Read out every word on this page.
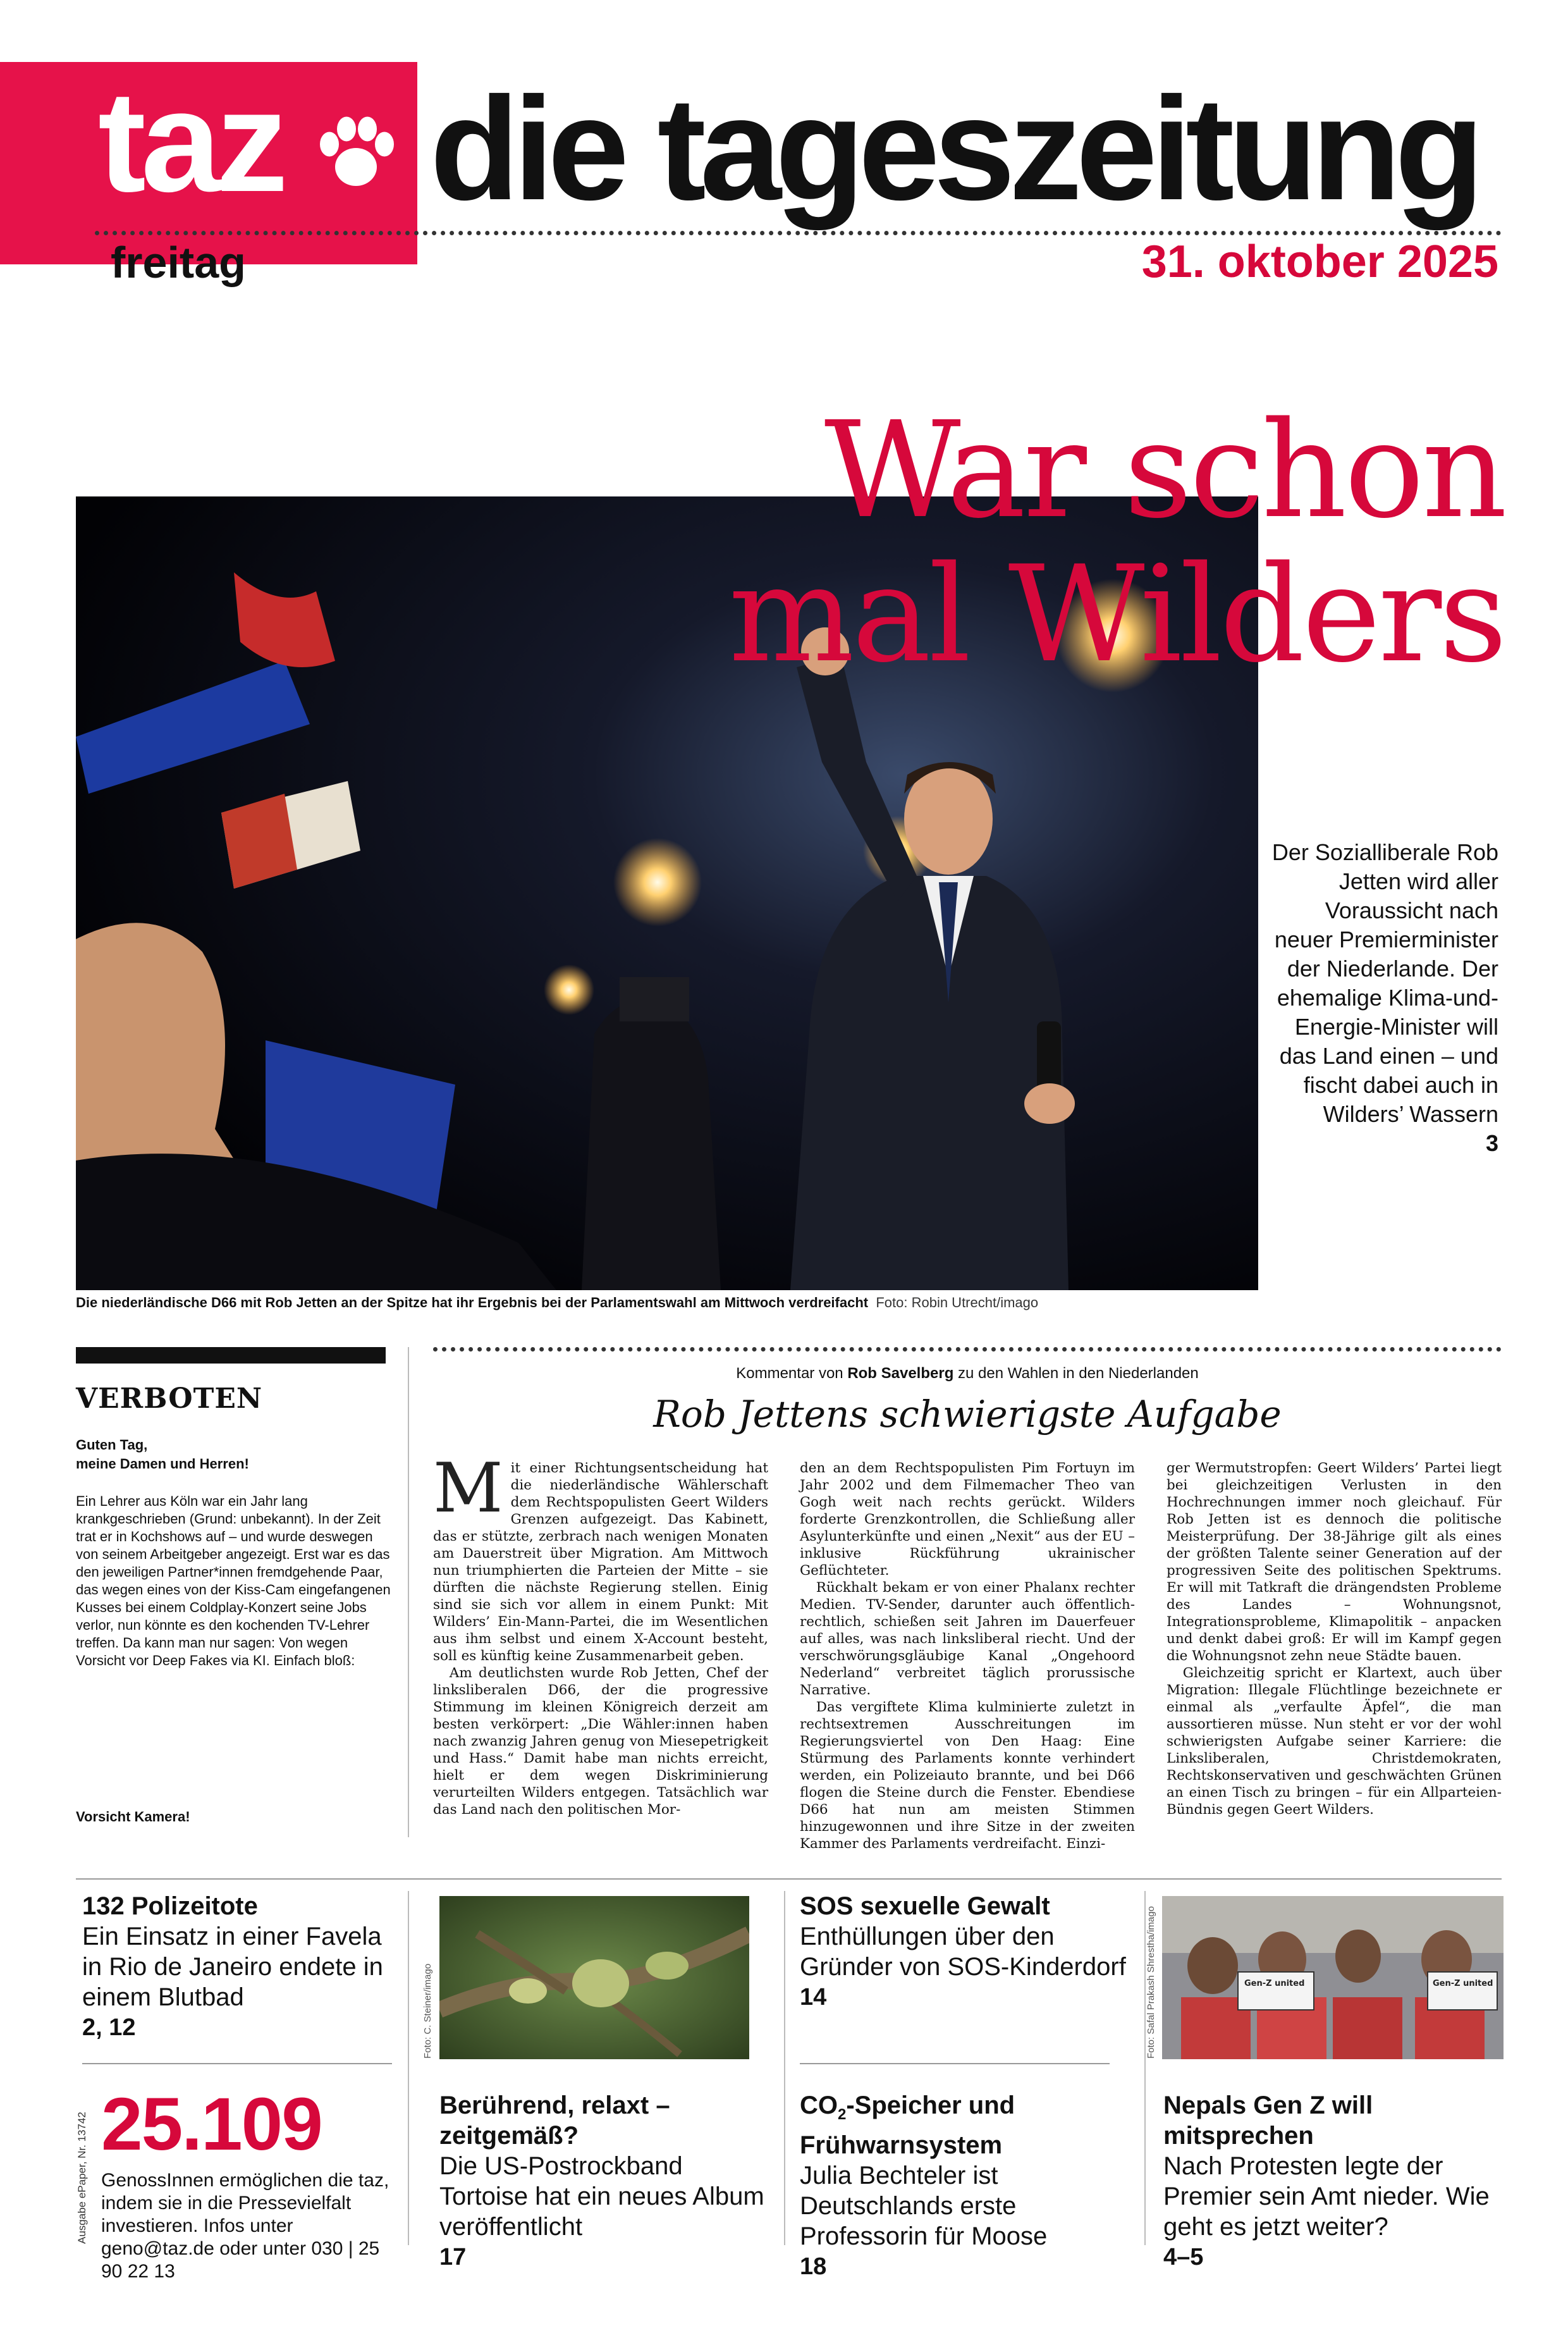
taz die tageszeitung
freitag	31. oktober 2025
War schon
mal Wilders
Der Sozialliberale Rob Jetten wird aller Voraussicht nach neuer Premierminister der Niederlande. Der ehemalige Klima-und-Energie-Minister will das Land einen – und fischt dabei auch in Wilders’ Wassern
3
Die niederländische D66 mit Rob Jetten an der Spitze hat ihr Ergebnis bei der Parlamentswahl am Mittwoch verdreifacht Foto: Robin Utrecht/imago
VERBOTEN
Guten Tag,
meine Damen und Herren!
Ein Lehrer aus Köln war ein Jahr lang krankgeschrieben (Grund: unbekannt). In der Zeit trat er in Kochshows auf – und wurde deswegen von seinem Arbeitgeber angezeigt. Erst war es das den jeweiligen Partner*innen fremdgehende Paar, das wegen eines von der Kiss-Cam eingefangenen Kusses bei einem Coldplay-Konzert seine Jobs verlor, nun könnte es den kochenden TV-Lehrer treffen. Da kann man nur sagen: Von wegen Vorsicht vor Deep Fakes via KI. Einfach bloß:
Vorsicht Kamera!
Kommentar von Rob Savelberg zu den Wahlen in den Niederlanden
Rob Jettens schwierigste Aufgabe
M it einer Richtungsentscheidung hat die niederländische Wählerschaft dem Rechtspopulisten Geert Wilders Grenzen aufgezeigt. Das Kabinett, das er stützte, zerbrach nach wenigen Monaten am Dauerstreit über Migration. Am Mittwoch nun triumphierten die Parteien der Mitte – sie dürften die nächste Regierung stellen. Einig sind sie sich vor allem in einem Punkt: Mit Wilders’ Ein-Mann-Partei, die im Wesentlichen aus ihm selbst und einem X-Account besteht, soll es künftig keine Zusammenarbeit geben.

Am deutlichsten wurde Rob Jetten, Chef der linksliberalen D66, der die progressive Stimmung im kleinen Königreich derzeit am besten verkörpert: „Die Wähler:innen haben nach zwanzig Jahren genug von Miesepetrigkeit und Hass.“ Damit habe man nichts erreicht, hielt er dem wegen Diskriminierung verurteilten Wilders entgegen. Tatsächlich war das Land nach den politischen Mor-

den an dem Rechtspopulisten Pim Fortuyn im Jahr 2002 und dem Filmemacher Theo van Gogh weit nach rechts gerückt. Wilders forderte Grenzkontrollen, die Schließung aller Asylunterkünfte und einen „Nexit“ aus der EU – inklusive Rückführung ukrainischer Geflüchteter.

Rückhalt bekam er von einer Phalanx rechter Medien. TV-Sender, darunter auch öffentlich-rechtlich, schießen seit Jahren im Dauerfeuer auf alles, was nach linksliberal riecht. Und der verschwörungsgläubige Kanal „Ongehoord Nederland“ verbreitet täglich prorussische Narrative.

Das vergiftete Klima kulminierte zuletzt in rechtsextremen Ausschreitungen im Regierungsviertel von Den Haag: Eine Stürmung des Parlaments konnte verhindert werden, ein Polizeiauto brannte, und bei D66 flogen die Steine durch die Fenster. Ebendiese D66 hat nun am meisten Stimmen hinzugewonnen und ihre Sitze in der zweiten Kammer des Parlaments verdreifacht. Einzi-

ger Wermutstropfen: Geert Wilders’ Partei liegt bei gleichzeitigen Verlusten in den Hochrechnungen immer noch gleichauf. Für Rob Jetten ist es dennoch die politische Meisterprüfung. Der 38-Jährige gilt als eines der größten Talente seiner Generation auf der progressiven Seite des politischen Spektrums. Er will mit Tatkraft die drängendsten Probleme des Landes – Wohnungsnot, Integrationsprobleme, Klimapolitik – anpacken und denkt dabei groß: Er will im Kampf gegen die Wohnungsnot zehn neue Städte bauen.

Gleichzeitig spricht er Klartext, auch über Migration: Illegale Flüchtlinge bezeichnete er einmal als „verfaulte Äpfel“, die man aussortieren müsse. Nun steht er vor der wohl schwierigsten Aufgabe seiner Karriere: die Linksliberalen, Christdemokraten, Rechtskonservativen und geschwächten Grünen an einen Tisch zu bringen – für ein Allparteien-Bündnis gegen Geert Wilders.

132 Polizeitote
Ein Einsatz in einer Favela in Rio de Janeiro endete in einem Blutbad
2, 12	Foto: C. Steiner/imago
SOS sexuelle Gewalt
Enthüllungen über den Gründer von SOS-Kinderdorf
14
Gen-Z united	Gen-Z united
Foto: Safal Prakash Shrestha/imago
Ausgabe ePaper, Nr. 13742 25.109
GenossInnen ermöglichen die taz, indem sie in die Pressevielfalt investieren. Infos unter geno@taz.de oder unter 030 | 25 90 22 13
$CO_2$-Speicher und Frühwarnsystem
Julia Bechteler ist Deutschlands erste Professorin für Moose
18
Berührend, relaxt – zeitgemäß?
Die US-Postrockband Tortoise hat ein neues Album veröffentlicht
17
Nepals Gen Z will mitsprechen
Nach Protesten legte der Premier sein Amt nieder. Wie geht es jetzt weiter?
4–5
